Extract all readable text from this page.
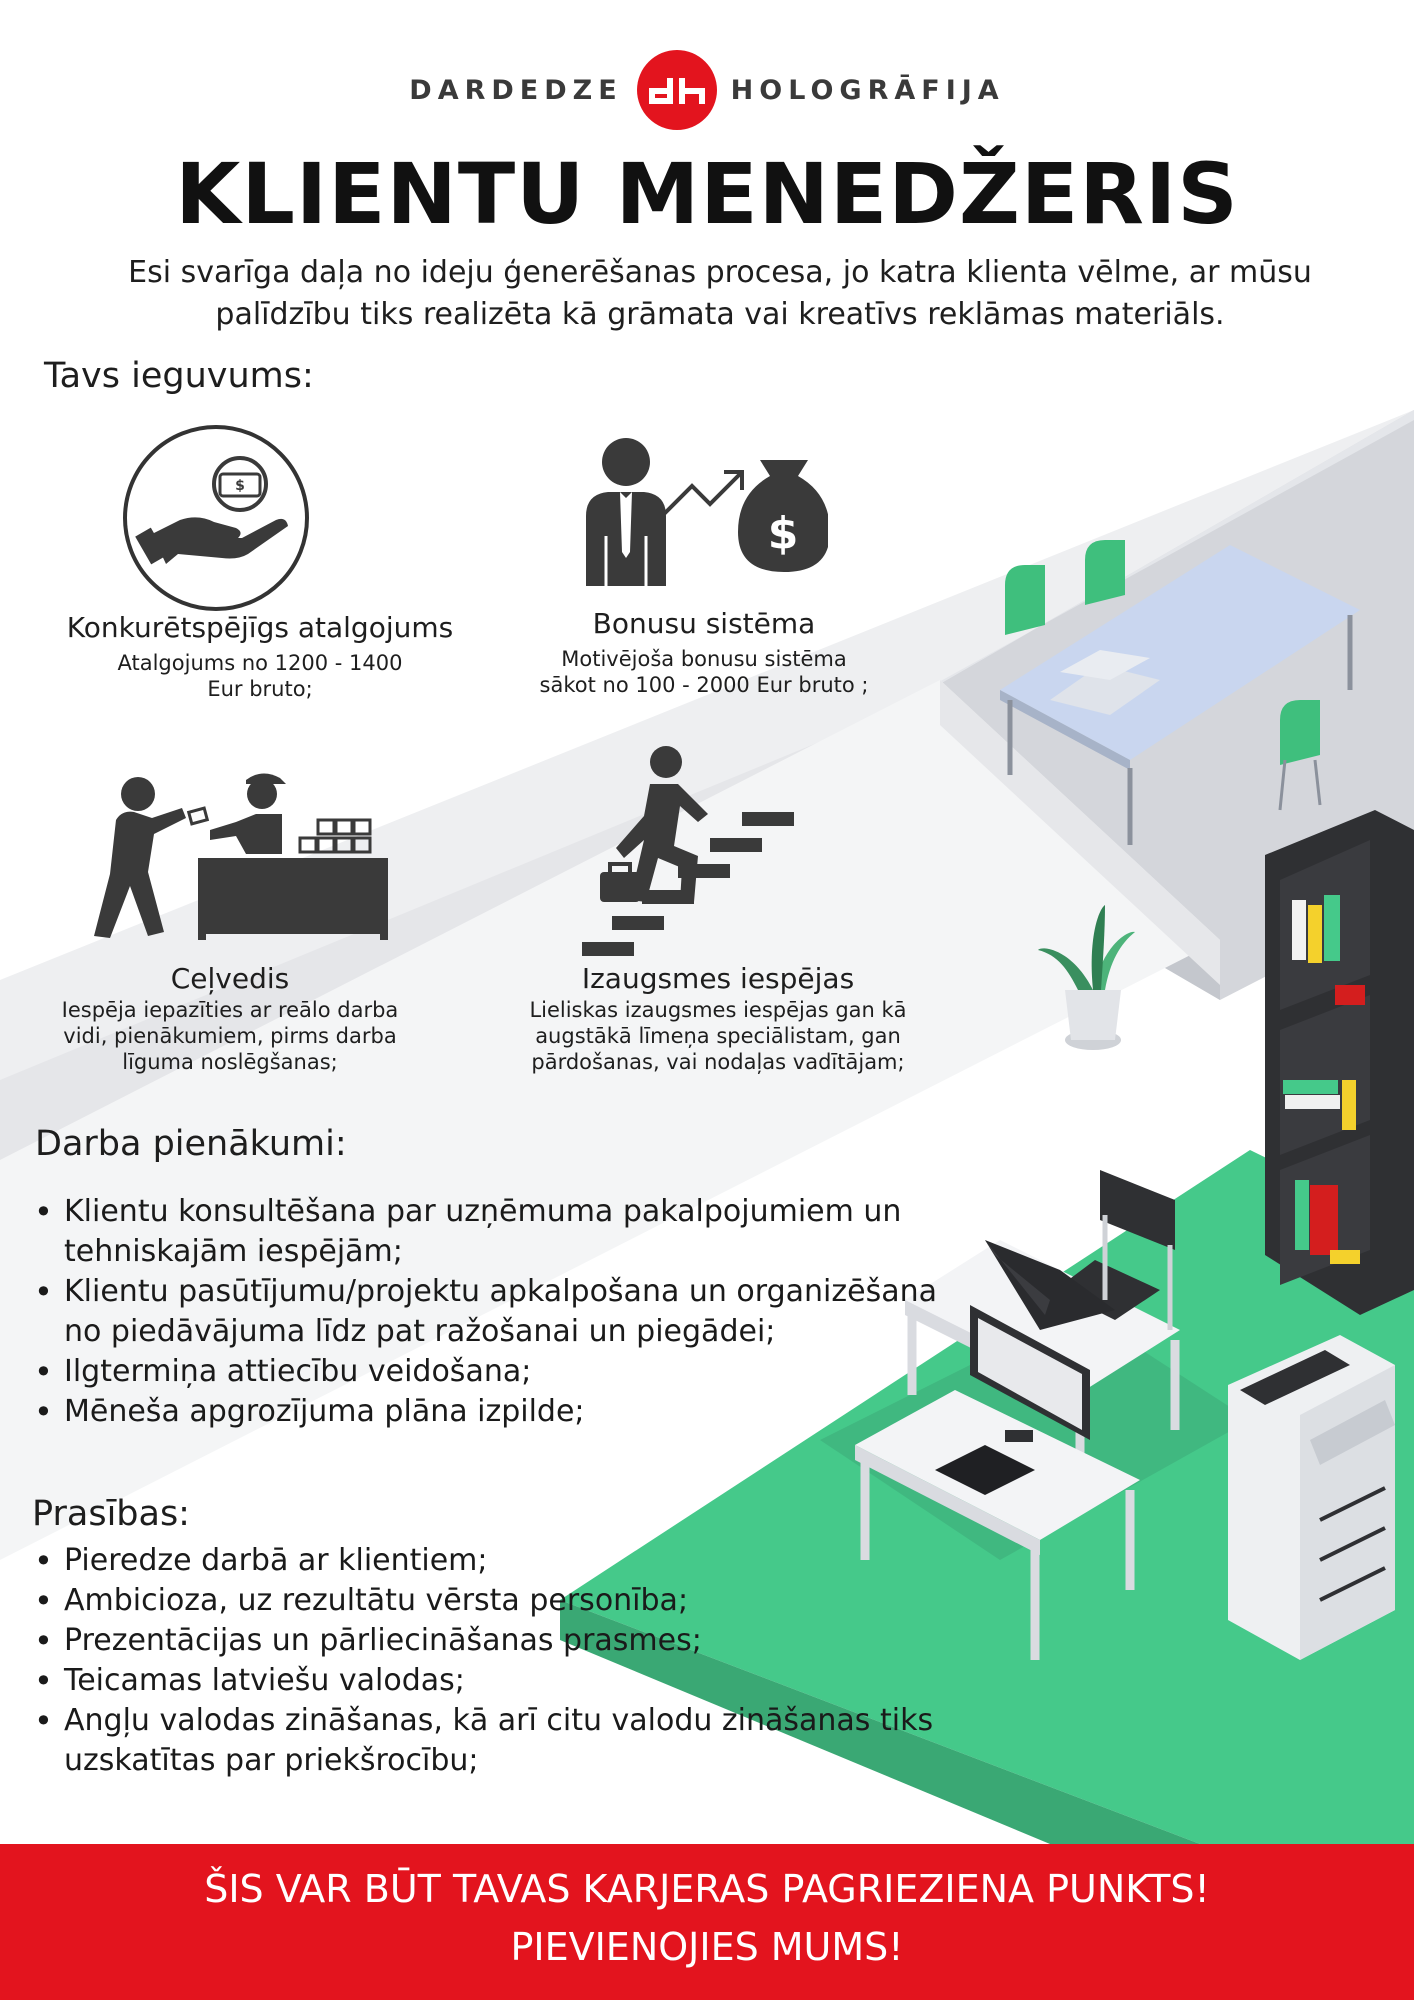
DARDEDZE	HOLOGRĀFIJA
KLIENTU MENEDŽERIS
Esi svarīga daļa no ideju ģenerēšanas procesa, jo katra klienta vēlme, ar mūsu palīdzību tiks realizēta kā grāmata vai kreatīvs reklāmas materiāls.
Tavs ieguvums:
$
$
Konkurētspējīgs atalgojums
Atalgojums no 1200 - 1400
Eur bruto;
Bonusu sistēma
Motivējoša bonusu sistēma
sākot no 100 - 2000 Eur bruto ;
Ceļvedis
Iespēja iepazīties ar reālo darba
vidi, pienākumiem, pirms darba
līguma noslēgšanas;
Izaugsmes iespējas
Lieliskas izaugsmes iespējas gan kā
augstākā līmeņa speciālistam, gan
pārdošanas, vai nodaļas vadītājam;
Darba pienākumi:
• Klientu konsultēšana par uzņēmuma pakalpojumiem un tehniskajām iespējām;
• Klientu pasūtījumu/projektu apkalpošana un organizēšana no piedāvājuma līdz pat ražošanai un piegādei;
• Ilgtermiņa attiecību veidošana;
• Mēneša apgrozījuma plāna izpilde;
Prasības:
• Pieredze darbā ar klientiem;
• Ambicioza, uz rezultātu vērsta personība;
• Prezentācijas un pārliecināšanas prasmes;
• Teicamas latviešu valodas;
• Angļu valodas zināšanas, kā arī citu valodu zināšanas tiks uzskatītas par priekšrocību;
ŠIS VAR BŪT TAVAS KARJERAS PAGRIEZIENA PUNKTS!
PIEVIENOJIES MUMS!
